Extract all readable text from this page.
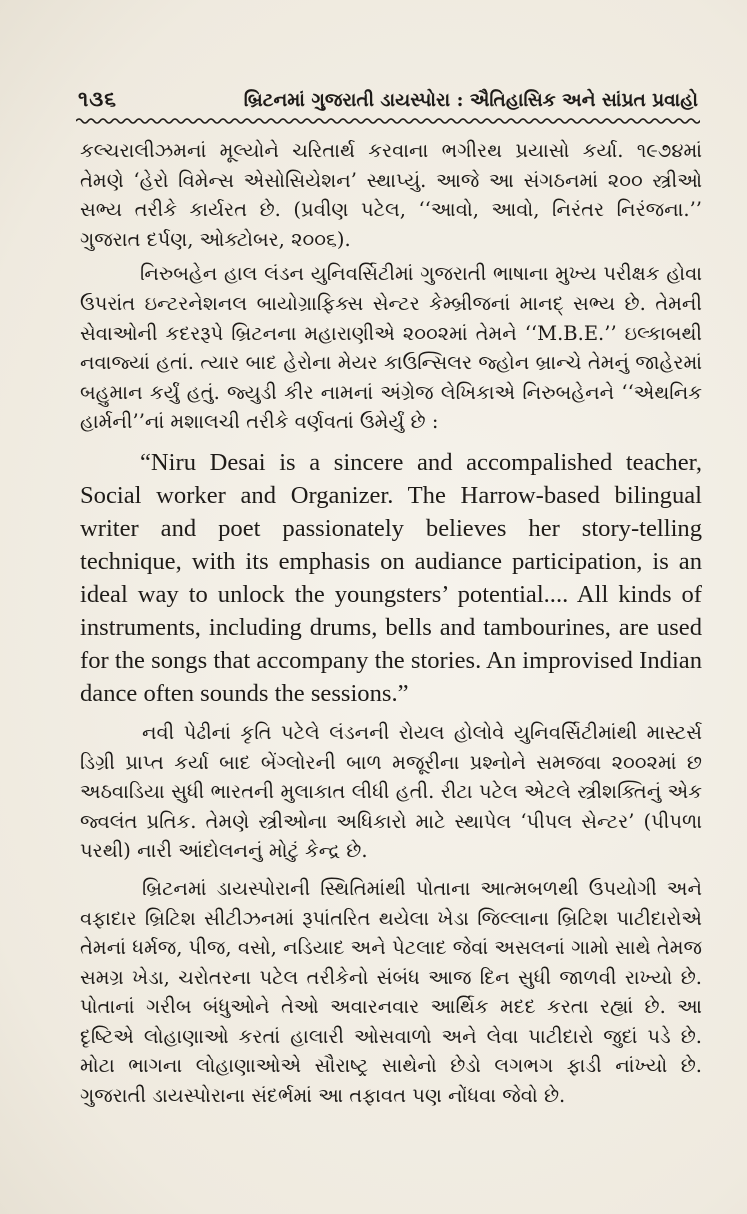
૧૩૬	બ્રિટનમાં ગુજરાતી ડાયસ્પોરા : ઐતિહાસિક અને સાંપ્રત પ્રવાહો

કલ્ચરાલીઝમનાં મૂલ્યોને ચરિતાર્થ કરવાના ભગીરથ પ્રયાસો કર્યા. ૧૯૭૪માં તેમણે ‘હેરો વિમેન્સ એસોસિયેશન’ સ્થાપ્યું. આજે આ સંગઠનમાં ૨૦૦ સ્ત્રીઓ સભ્ય તરીકે કાર્યરત છે. (પ્રવીણ પટેલ, ‘‘આવો, આવો, નિરંતર નિરંજના.’’ ગુજરાત દર્પણ, ઓક્ટોબર, ૨૦૦૬).

નિરુબહેન હાલ લંડન યુનિવર્સિટીમાં ગુજરાતી ભાષાના મુખ્ય પરીક્ષક હોવા ઉપરાંત ઇન્ટરનેશનલ બાયોગ્રાફિક્સ સેન્ટર કેમ્બ્રીજનાં માનદ્ સભ્ય છે. તેમની સેવાઓની કદરરૂપે બ્રિટનના મહારાણીએ ૨૦૦૨માં તેમને ‘‘M.B.E.’’ ઇલ્કાબથી નવાજ્યાં હતાં. ત્યાર બાદ હેરોના મેયર કાઉન્સિલર જ્હોન બ્રાન્ચે તેમનું જાહેરમાં બહુમાન કર્યું હતું. જ્યુડી કીર નામનાં અંગ્રેજ લેખિકાએ નિરુબહેનને ‘‘એથનિક હાર્મની’’નાં મશાલચી તરીકે વર્ણવતાં ઉમેર્યું છે :

“Niru Desai is a sincere and accompalished teacher, Social worker and Organizer. The Harrow-based bilingual writer and poet passionately believes her story-telling technique, with its emphasis on audiance participation, is an ideal way to unlock the youngsters’ potential.... All kinds of instruments, including drums, bells and tambourines, are used for the songs that accompany the stories. An improvised Indian dance often sounds the sessions.”

નવી પેઢીનાં કૃતિ પટેલે લંડનની રોયલ હોલોવે યુનિવર્સિટીમાંથી માસ્ટર્સ ડિગ્રી પ્રાપ્ત કર્યા બાદ બેંગ્લોરની બાળ મજૂરીના પ્રશ્નોને સમજવા ૨૦૦૨માં છ અઠવાડિયા સુધી ભારતની મુલાકાત લીધી હતી. રીટા પટેલ એટલે સ્ત્રીશક્તિનું એક જ્વલંત પ્રતિક. તેમણે સ્ત્રીઓના અધિકારો માટે સ્થાપેલ ‘પીપલ સેન્ટર’ (પીપળા પરથી) નારી આંદોલનનું મોટું કેન્દ્ર છે.

બ્રિટનમાં ડાયસ્પોરાની સ્થિતિમાંથી પોતાના આત્મબળથી ઉપયોગી અને વફાદાર બ્રિટિશ સીટીઝનમાં રૂપાંતરિત થયેલા ખેડા જિલ્લાના બ્રિટિશ પાટીદારોએ તેમનાં ધર્મજ, પીજ, વસો, નડિયાદ અને પેટલાદ જેવાં અસલનાં ગામો સાથે તેમજ સમગ્ર ખેડા, ચરોતરના પટેલ તરીકેનો સંબંધ આજ દિન સુધી જાળવી રાખ્યો છે. પોતાનાં ગરીબ બંધુઓને તેઓ અવારનવાર આર્થિક મદદ કરતા રહ્યાં છે. આ દૃષ્ટિએ લોહાણાઓ કરતાં હાલારી ઓસવાળો અને લેવા પાટીદારો જુદાં પડે છે. મોટા ભાગના લોહાણાઓએ સૌરાષ્ટ્ર સાથેનો છેડો લગભગ ફાડી નાંખ્યો છે. ગુજરાતી ડાયસ્પોરાના સંદર્ભમાં આ તફાવત પણ નોંધવા જેવો છે.
